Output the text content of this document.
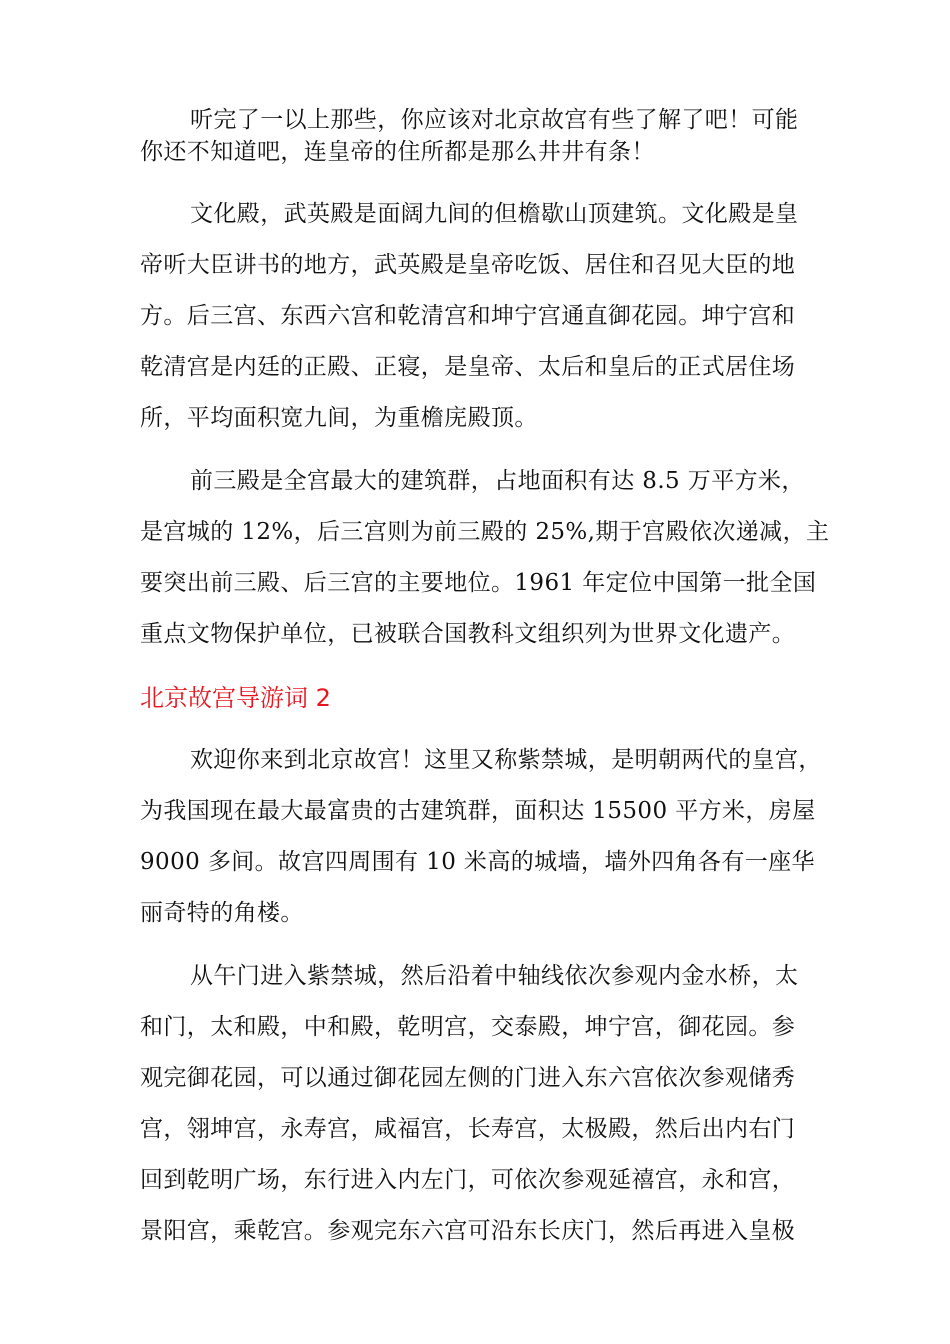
听完了一以上那些，你应该对北京故宫有些了解了吧！可能
你还不知道吧，连皇帝的住所都是那么井井有条！

文化殿，武英殿是面阔九间的但檐歇山顶建筑。文化殿是皇
帝听大臣讲书的地方，武英殿是皇帝吃饭、居住和召见大臣的地
方。后三宫、东西六宫和乾清宫和坤宁宫通直御花园。坤宁宫和
乾清宫是内廷的正殿、正寝，是皇帝、太后和皇后的正式居住场
所，平均面积宽九间，为重檐庑殿顶。

前三殿是全宫最大的建筑群，占地面积有达 8.5 万平方米，
是宫城的 12%，后三宫则为前三殿的 25%,期于宫殿依次递减，主
要突出前三殿、后三宫的主要地位。1961 年定位中国第一批全国
重点文物保护单位，已被联合国教科文组织列为世界文化遗产。

北京故宫导游词 2

欢迎你来到北京故宫！这里又称紫禁城，是明朝两代的皇宫，
为我国现在最大最富贵的古建筑群，面积达 15500 平方米，房屋
9000 多间。故宫四周围有 10 米高的城墙，墙外四角各有一座华
丽奇特的角楼。

从午门进入紫禁城，然后沿着中轴线依次参观内金水桥，太
和门，太和殿，中和殿，乾明宫，交泰殿，坤宁宫，御花园。参
观完御花园，可以通过御花园左侧的门进入东六宫依次参观储秀
宫，翎坤宫，永寿宫，咸福宫，长寿宫，太极殿，然后出内右门
回到乾明广场，东行进入内左门，可依次参观延禧宫，永和宫，
景阳宫，乘乾宫。参观完东六宫可沿东长庆门，然后再进入皇极
